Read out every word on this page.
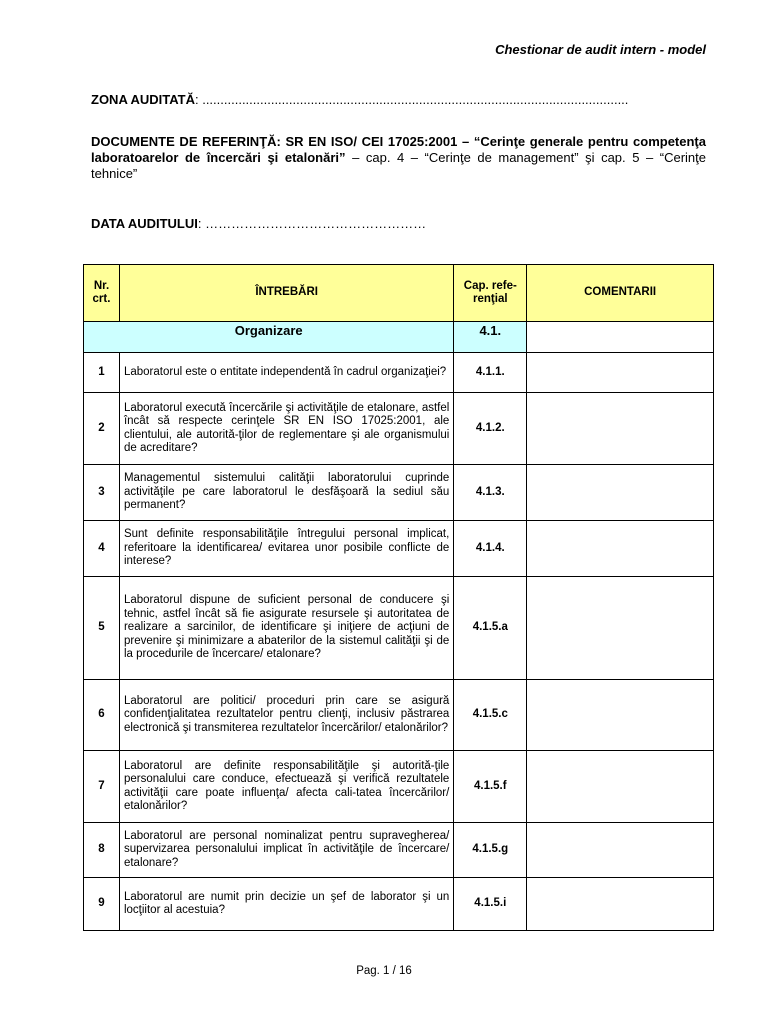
Chestionar de audit intern - model
ZONA AUDITATĂ: ......................................................................................................................
DOCUMENTE DE REFERINŢĂ: SR EN ISO/ CEI 17025:2001 – “Cerinţe generale pentru competenţa laboratoarelor de încercări şi etalonări” – cap. 4 – “Cerinţe de management” şi cap. 5 – “Cerinţe tehnice”
DATA AUDITULUI: ……………………………………………
Nr. crt.	ÎNTREBĂRI	Cap. refe-renţial	COMENTARII
Organizare		4.1.	
1	Laboratorul este o entitate independentă în cadrul organizaţiei?	4.1.1.	
2	Laboratorul execută încercările şi activităţile de etalonare, astfel încât să respecte cerinţele SR EN ISO 17025:2001, ale clientului, ale autorită-ţilor de reglementare şi ale organismului de acreditare?	4.1.2.	
3	Managementul sistemului calităţii laboratorului cuprinde activităţile pe care laboratorul le desfăşoară la sediul său permanent?	4.1.3.	
4	Sunt definite responsabilităţile întregului personal implicat, referitoare la identificarea/ evitarea unor posibile conflicte de interese?	4.1.4.	
5	Laboratorul dispune de suficient personal de conducere şi tehnic, astfel încât să fie asigurate resursele şi autoritatea de realizare a sarcinilor, de identificare şi iniţiere de acţiuni de prevenire şi minimizare a abaterilor de la sistemul calităţii şi de la procedurile de încercare/ etalonare?	4.1.5.a	
6	Laboratorul are politici/ proceduri prin care se asigură confidenţialitatea rezultatelor pentru clienţi, inclusiv păstrarea electronică şi transmiterea rezultatelor încercărilor/ etalonărilor?	4.1.5.c	
7	Laboratorul are definite responsabilităţile şi autorită-ţile personalului care conduce, efectuează şi verifică rezultatele activităţii care poate influenţa/ afecta cali-tatea încercărilor/ etalonărilor?	4.1.5.f	
8	Laboratorul are personal nominalizat pentru supravegherea/ supervizarea personalului implicat în activităţile de încercare/ etalonare?	4.1.5.g	
9	Laboratorul are numit prin decizie un şef de laborator şi un locţiitor al acestuia?	4.1.5.i	
Pag. 1 / 16
